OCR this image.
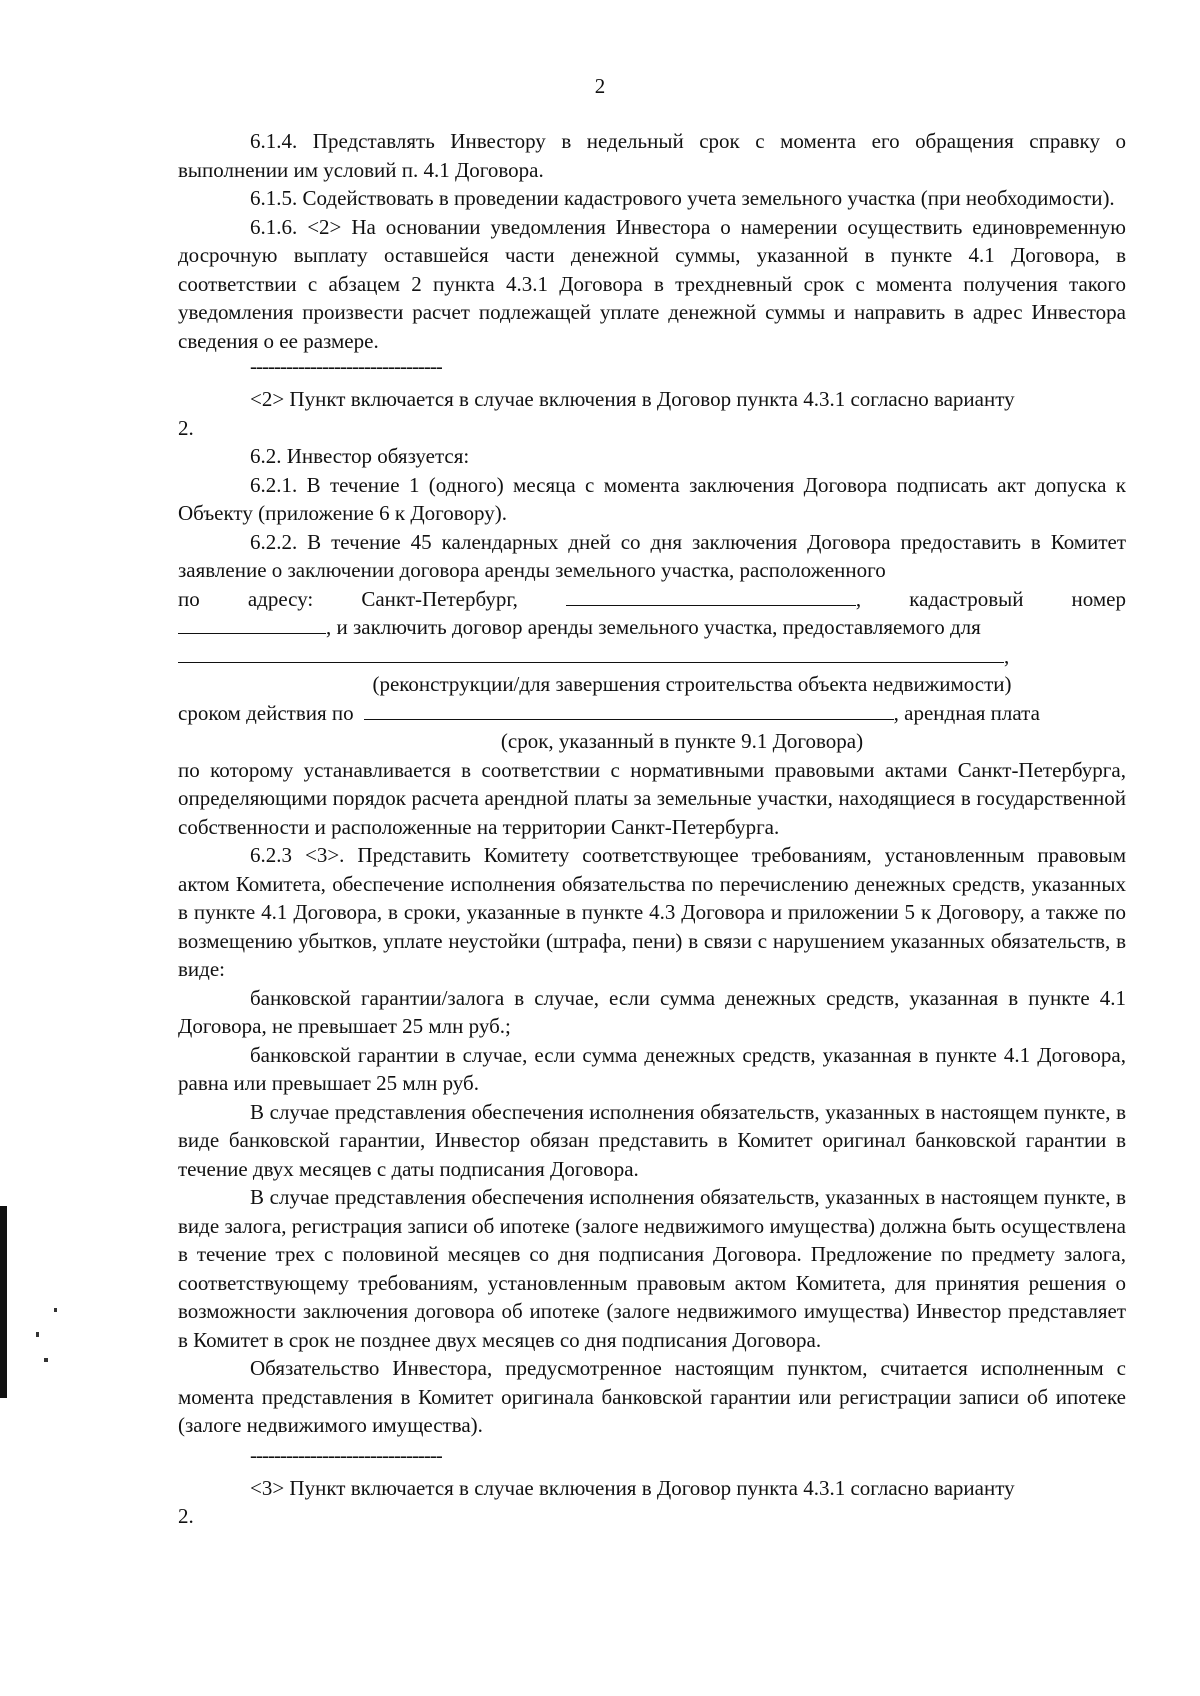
2

6.1.4. Представлять Инвестору в недельный срок с момента его обращения справку о выполнении им условий п. 4.1 Договора.

6.1.5. Содействовать в проведении кадастрового учета земельного участка (при необходимости).

6.1.6. <2> На основании уведомления Инвестора о намерении осуществить единовременную досрочную выплату оставшейся части денежной суммы, указанной в пункте 4.1 Договора, в соответствии с абзацем 2 пункта 4.3.1 Договора в трехдневный срок с момента получения такого уведомления произвести расчет подлежащей уплате денежной суммы и направить в адрес Инвестора сведения о ее размере.

--------------------------------

<2> Пункт включается в случае включения в Договор пункта 4.3.1 согласно варианту

2.

6.2. Инвестор обязуется:

6.2.1. В течение 1 (одного) месяца с момента заключения Договора подписать акт допуска к Объекту (приложение 6 к Договору).

6.2.2. В течение 45 календарных дней со дня заключения Договора предоставить в Комитет заявление о заключении договора аренды земельного участка, расположенного

по адресу: Санкт-Петербург,	, кадастровый номер
, и заключить договор аренды земельного участка, предоставляемого для
,

(реконструкции/для завершения строительства объекта недвижимости)

сроком действия по	, арендная плата

(срок, указанный в пункте 9.1 Договора)

по которому устанавливается в соответствии с нормативными правовыми актами Санкт-Петербурга, определяющими порядок расчета арендной платы за земельные участки, находящиеся в государственной собственности и расположенные на территории Санкт-Петербурга.

6.2.3 <3>. Представить Комитету соответствующее требованиям, установленным правовым актом Комитета, обеспечение исполнения обязательства по перечислению денежных средств, указанных в пункте 4.1 Договора, в сроки, указанные в пункте 4.3 Договора и приложении 5 к Договору, а также по возмещению убытков, уплате неустойки (штрафа, пени) в связи с нарушением указанных обязательств, в виде:

банковской гарантии/залога в случае, если сумма денежных средств, указанная в пункте 4.1 Договора, не превышает 25 млн руб.;

банковской гарантии в случае, если сумма денежных средств, указанная в пункте 4.1 Договора, равна или превышает 25 млн руб.

В случае представления обеспечения исполнения обязательств, указанных в настоящем пункте, в виде банковской гарантии, Инвестор обязан представить в Комитет оригинал банковской гарантии в течение двух месяцев с даты подписания Договора.

В случае представления обеспечения исполнения обязательств, указанных в настоящем пункте, в виде залога, регистрация записи об ипотеке (залоге недвижимого имущества) должна быть осуществлена в течение трех с половиной месяцев со дня подписания Договора. Предложение по предмету залога, соответствующему требованиям, установленным правовым актом Комитета, для принятия решения о возможности заключения договора об ипотеке (залоге недвижимого имущества) Инвестор представляет в Комитет в срок не позднее двух месяцев со дня подписания Договора.

Обязательство Инвестора, предусмотренное настоящим пунктом, считается исполненным с момента представления в Комитет оригинала банковской гарантии или регистрации записи об ипотеке (залоге недвижимого имущества).

--------------------------------

<3> Пункт включается в случае включения в Договор пункта 4.3.1 согласно варианту

2.
